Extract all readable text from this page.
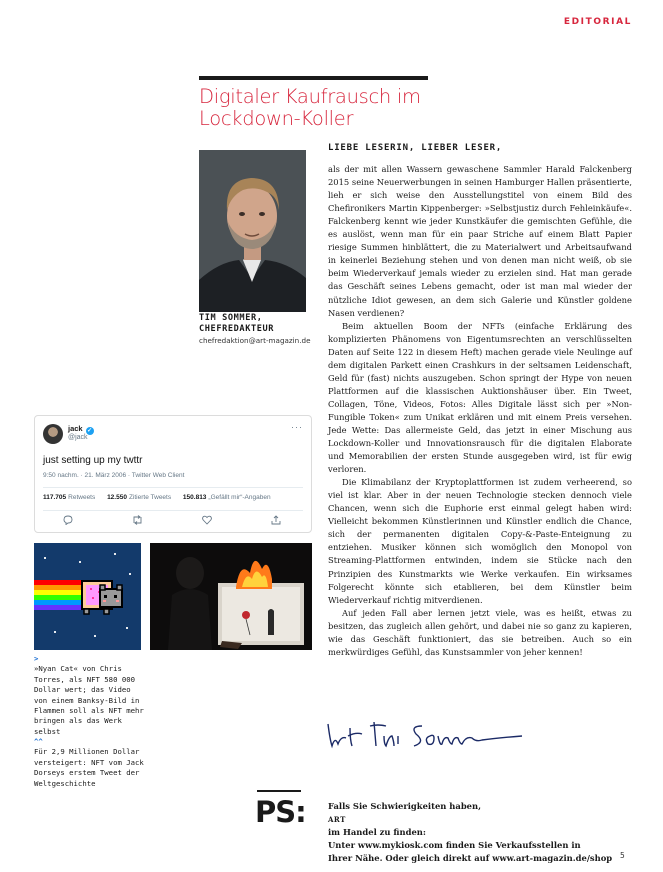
EDITORIAL
Digitaler Kaufrausch im
Lockdown-Koller
TIM SOMMER,
CHEFREDAKTEUR
chefredaktion@art-magazin.de
jack ✓
@jack
···
just setting up my twttr
9:50 nachm. · 21. März 2006 · Twitter Web Client
117.705 Retweets 12.550 Zitierte Tweets 150.813 „Gefällt mir“-Angaben
>
»Nyan Cat« von Chris Torres, als NFT 580 000 Dollar wert; das Video von einem Banksy-Bild in Flammen soll als NFT mehr bringen als das Werk selbst
^^
Für 2,9 Millionen Dollar versteigert: NFT vom Jack Dorseys erstem Tweet der Weltgeschichte
LIEBE LESERIN, LIEBER LESER,

als der mit allen Wassern gewaschene Sammler Harald Falckenberg 2015 seine Neuerwerbungen in seinen Hamburger Hallen präsentierte, lieh er sich weise den Ausstellungstitel von einem Bild des Chefironikers Martin Kippenberger: »Selbstjustiz durch Fehleinkäufe«. Falckenberg kennt wie jeder Kunstkäufer die gemischten Gefühle, die es auslöst, wenn man für ein paar Striche auf einem Blatt Papier riesige Summen hinblättert, die zu Materialwert und Arbeitsaufwand in keinerlei Beziehung stehen und von denen man nicht weiß, ob sie beim Wiederverkauf jemals wieder zu erzielen sind. Hat man gerade das Geschäft seines Lebens gemacht, oder ist man mal wieder der nützliche Idiot gewesen, an dem sich Galerie und Künstler goldene Nasen verdienen?

Beim aktuellen Boom der NFTs (einfache Erklärung des komplizierten Phänomens von Eigentumsrechten an verschlüsselten Daten auf Seite 122 in diesem Heft) machen gerade viele Neulinge auf dem digitalen Parkett einen Crashkurs in der seltsamen Leidenschaft, Geld für (fast) nichts auszugeben. Schon springt der Hype von neuen Plattformen auf die klassischen Auktionshäuser über. Ein Tweet, Collagen, Töne, Videos, Fotos: Alles Digitale lässt sich per »Non-Fungible Token« zum Unikat erklären und mit einem Preis versehen. Jede Wette: Das allermeiste Geld, das jetzt in einer Mischung aus Lockdown-Koller und Innovationsrausch für die digitalen Elaborate und Memorabilien der ersten Stunde ausgegeben wird, ist für ewig verloren.

Die Klimabilanz der Kryptoplattformen ist zudem verheerend, so viel ist klar. Aber in der neuen Technologie stecken dennoch viele Chancen, wenn sich die Euphorie erst einmal gelegt haben wird: Vielleicht bekommen Künstlerinnen und Künstler endlich die Chance, sich der permanenten digitalen Copy-&-Paste-Enteignung zu entziehen. Musiker können sich womöglich den Monopol von Streaming-Plattformen entwinden, indem sie Stücke nach den Prinzipien des Kunstmarkts wie Werke verkaufen. Ein wirksames Folgerecht könnte sich etablieren, bei dem Künstler beim Wiederverkauf richtig mitverdienen.

Auf jeden Fall aber lernen jetzt viele, was es heißt, etwas zu besitzen, das zugleich allen gehört, und dabei nie so ganz zu kapieren, wie das Geschäft funktioniert, das sie betreiben. Auch so ein merkwürdiges Gefühl, das Kunstsammler von jeher kennen!

PS:	Falls Sie Schwierigkeiten haben,
ART
im Handel zu finden:
Unter www.mykiosk.com finden Sie Verkaufsstellen in
Ihrer Nähe. Oder gleich direkt auf www.art-magazin.de/shop	5
